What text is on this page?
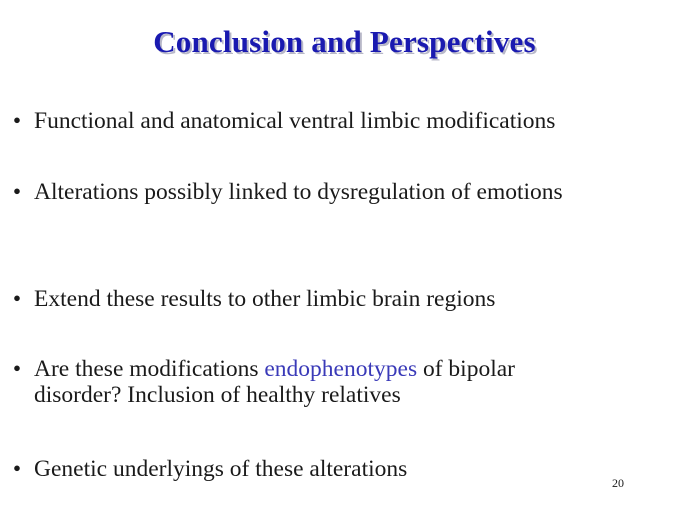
Conclusion and Perspectives
• Functional and anatomical ventral limbic modifications
• Alterations possibly linked to dysregulation of emotions
• Extend these results to other limbic brain regions
• Are these modifications endophenotypes of bipolar
disorder? Inclusion of healthy relatives
• Genetic underlyings of these alterations
20
